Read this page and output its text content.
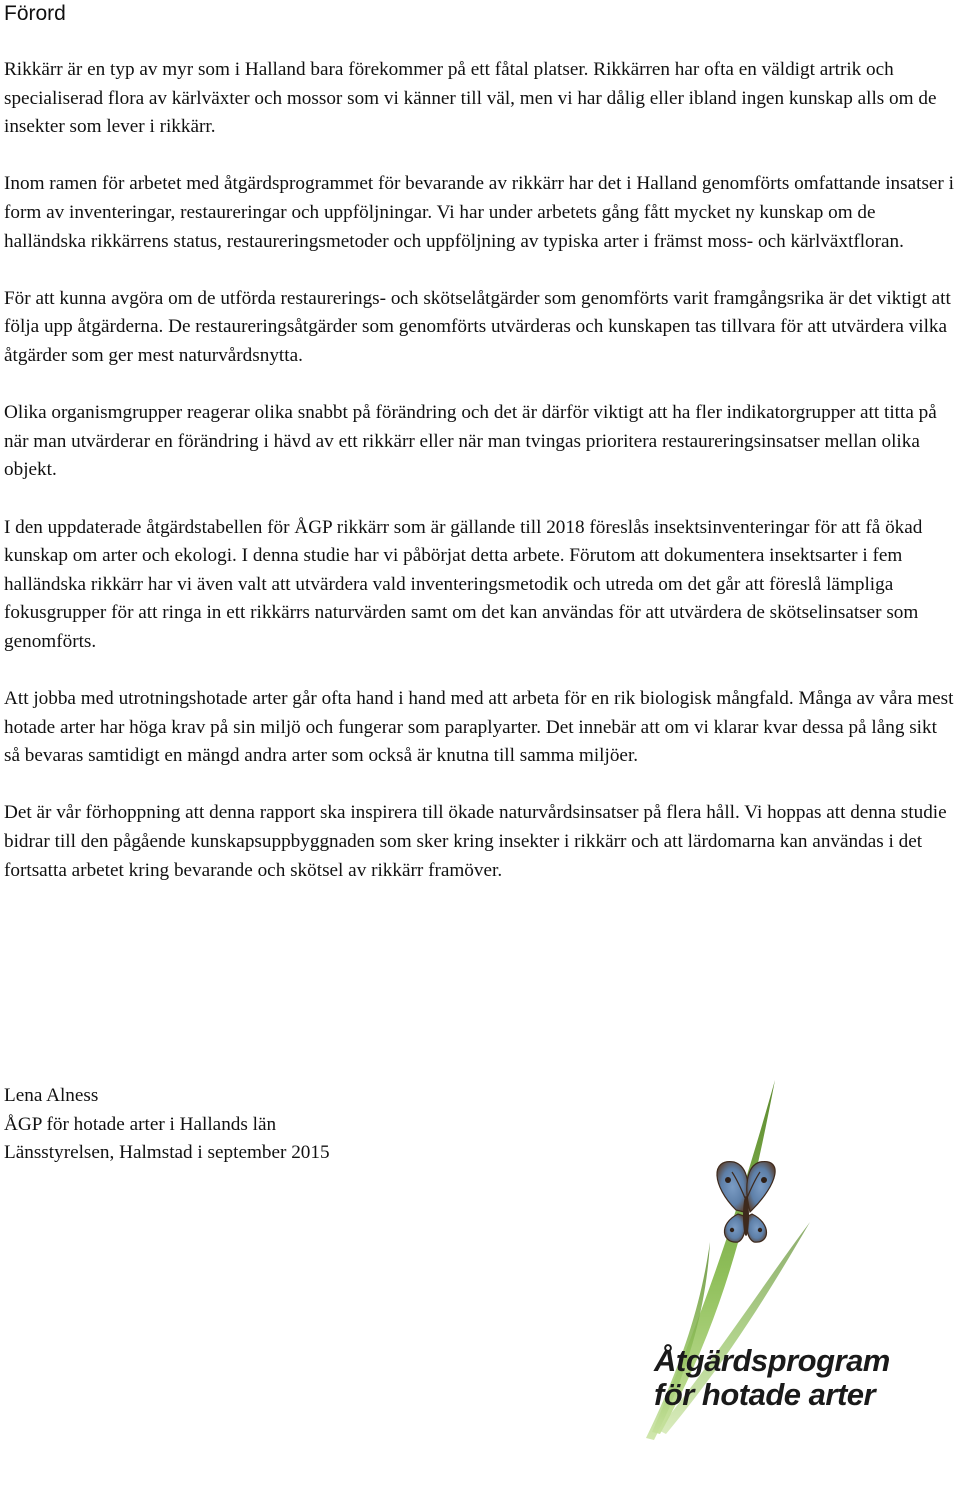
Förord

Rikkärr är en typ av myr som i Halland bara förekommer på ett fåtal platser. Rikkärren har ofta en väldigt artrik och specialiserad flora av kärlväxter och mossor som vi känner till väl, men vi har dålig eller ibland ingen kunskap alls om de insekter som lever i rikkärr.

Inom ramen för arbetet med åtgärdsprogrammet för bevarande av rikkärr har det i Halland genomförts omfattande insatser i form av inventeringar, restaureringar och uppföljningar. Vi har under arbetets gång fått mycket ny kunskap om de halländska rikkärrens status, restaureringsmetoder och uppföljning av typiska arter i främst moss- och kärlväxtfloran.

För att kunna avgöra om de utförda restaurerings- och skötselåtgärder som genomförts varit framgångsrika är det viktigt att följa upp åtgärderna. De restaureringsåtgärder som genomförts utvärderas och kunskapen tas tillvara för att utvärdera vilka åtgärder som ger mest naturvårdsnytta.

Olika organismgrupper reagerar olika snabbt på förändring och det är därför viktigt att ha fler indikatorgrupper att titta på när man utvärderar en förändring i hävd av ett rikkärr eller när man tvingas prioritera restaureringsinsatser mellan olika objekt.

I den uppdaterade åtgärdstabellen för ÅGP rikkärr som är gällande till 2018 föreslås insektsinventeringar för att få ökad kunskap om arter och ekologi. I denna studie har vi påbörjat detta arbete. Förutom att dokumentera insektsarter i fem halländska rikkärr har vi även valt att utvärdera vald inventeringsmetodik och utreda om det går att föreslå lämpliga fokusgrupper för att ringa in ett rikkärrs naturvärden samt om det kan användas för att utvärdera de skötselinsatser som genomförts.

Att jobba med utrotningshotade arter går ofta hand i hand med att arbeta för en rik biologisk mångfald. Många av våra mest hotade arter har höga krav på sin miljö och fungerar som paraplyarter. Det innebär att om vi klarar kvar dessa på lång sikt så bevaras samtidigt en mängd andra arter som också är knutna till samma miljöer.

Det är vår förhoppning att denna rapport ska inspirera till ökade naturvårdsinsatser på flera håll. Vi hoppas att denna studie bidrar till den pågående kunskapsuppbyggnaden som sker kring insekter i rikkärr och att lärdomarna kan användas i det fortsatta arbetet kring bevarande och skötsel av rikkärr framöver.

Lena Alness
ÅGP för hotade arter i Hallands län
Länsstyrelsen, Halmstad i september 2015
Åtgärdsprogram
för hotade arter
